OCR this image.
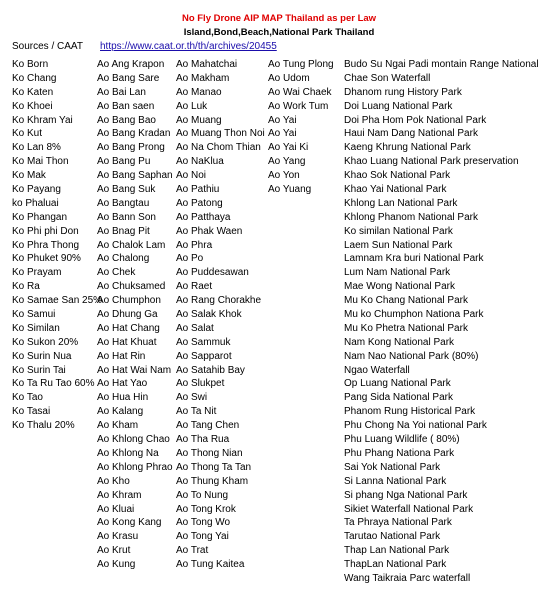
No Fly Drone AIP MAP Thailand as per Law
Island,Bond,Beach,National Park Thailand
Sources / CAAT https://www.caat.or.th/th/archives/20455
Ko Born
Ko Chang
Ko Katen
Ko Khoei
Ko Khram Yai
Ko Kut
Ko Lan 8%
Ko Mai Thon
Ko Mak
Ko Payang
ko Phaluai
Ko Phangan
Ko Phi phi Don
Ko Phra Thong
Ko Phuket 90%
Ko Prayam
Ko Ra
Ko Samae San 25%
Ko Samui
Ko Similan
Ko Sukon 20%
Ko Surin Nua
Ko Surin Tai
Ko Ta Ru Tao 60%
Ko Tao
Ko Tasai
Ko Thalu 20%
Ao Ang Krapon
Ao Bang Sare
Ao Bai Lan
Ao Ban saen
Ao Bang Bao
Ao Bang Kradan
Ao Bang Prong
Ao Bang Pu
Ao Bang Saphan
Ao Bang Suk
Ao Bangtau
Ao Bann Son
Ao Bnag Pit
Ao Chalok Lam
Ao Chalong
Ao Chek
Ao Chuksamed
Ao Chumphon
Ao Dhung Ga
Ao Hat Chang
Ao Hat Khuat
Ao Hat Rin
Ao Hat Wai Nam
Ao Hat Yao
Ao Hua Hin
Ao Kalang
Ao Kham
Ao Khlong Chao
Ao Khlong Na
Ao Khlong Phrao
Ao Kho
Ao Khram
Ao Kluai
Ao Kong Kang
Ao Krasu
Ao Krut
Ao Kung
Ao Mahatchai
Ao Makham
Ao Manao
Ao Luk
Ao Muang
Ao Muang Thon Noi
Ao Na Chom Thian
Ao NaKlua
Ao Noi
Ao Pathiu
Ao Patong
Ao Patthaya
Ao Phak Waen
Ao Phra
Ao Po
Ao Puddesawan
Ao Raet
Ao Rang Chorakhe
Ao Salak Khok
Ao Salat
Ao Sammuk
Ao Sapparot
Ao Satahib Bay
Ao Slukpet
Ao Swi
Ao Ta Nit
Ao Tang Chen
Ao Tha Rua
Ao Thong Nian
Ao Thong Ta Tan
Ao Thung Kham
Ao To Nung
Ao Tong Krok
Ao Tong Wo
Ao Tong Yai
Ao Trat
Ao Tung Kaitea
Ao Tung Plong
Ao Udom
Ao Wai Chaek
Ao Work Tum
Ao Yai
Ao Yai
Ao Yai Ki
Ao Yang
Ao Yon
Ao Yuang
Budo Su Ngai Padi montain Range National
Chae Son Waterfall
Dhanom rung History Park
Doi Luang National Park
Doi Pha Hom Pok National Park
Haui Nam Dang National Park
Kaeng Khrung National Park
Khao Luang National Park preservation
Khao Sok National Park
Khao Yai National Park
Khlong Lan National Park
Khlong Phanom National Park
Ko similan National Park
Laem Sun National Park
Lamnam Kra buri National Park
Lum Nam National Park
Mae Wong National Park
Mu Ko Chang National Park
Mu ko Chumphon Nationa Park
Mu Ko Phetra National Park
Nam Kong National Park
Nam Nao National Park (80%)
Ngao Waterfall
Op Luang National Park
Pang Sida National Park
Phanom Rung Historical Park
Phu Chong Na Yoi national Park
Phu Luang Wildlife ( 80%)
Phu Phang Nationa Park
Sai Yok National Park
Si Lanna National Park
Si phang Nga National Park
Sikiet Waterfall National Park
Ta Phraya National Park
Tarutao National Park
Thap Lan National Park
ThapLan National Park
Wang Taikraia Parc waterfall
